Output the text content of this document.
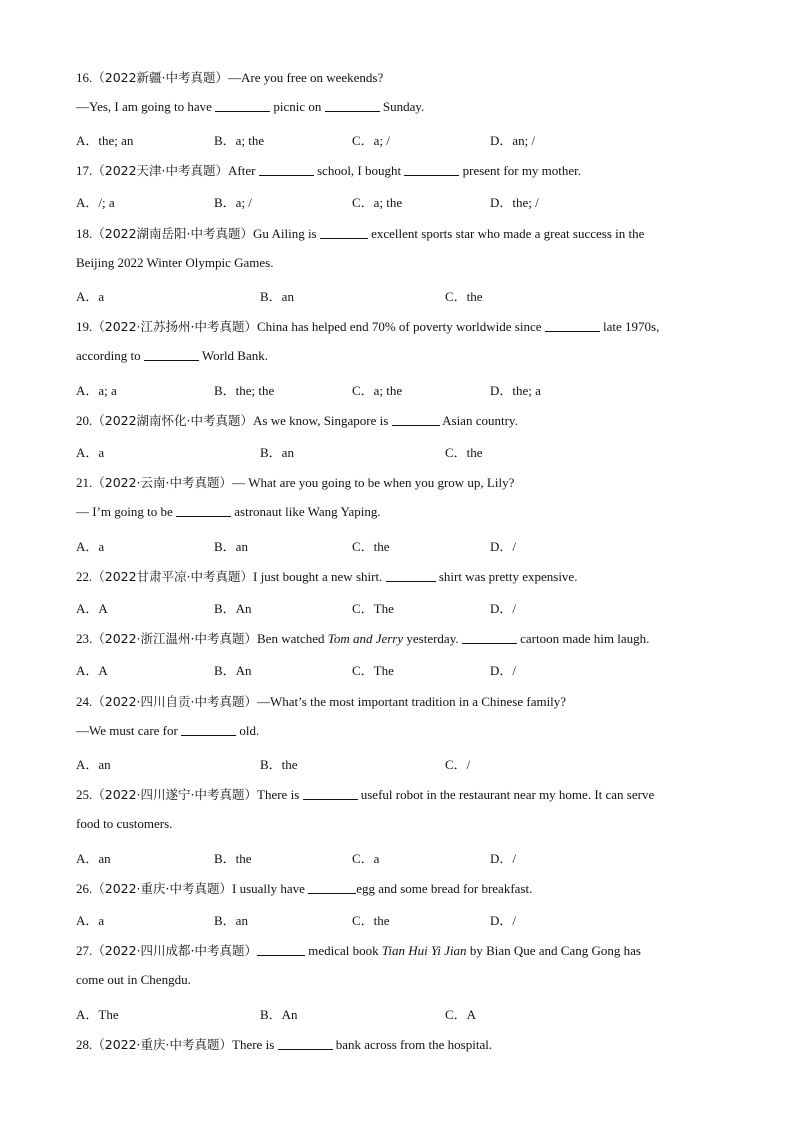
16.（2022新疆·中考真题）—Are you free on weekends?
—Yes, I am going to have	picnic on	Sunday.
A．the; an	B．a; the	C．a; /	D．an; /
17.（2022天津·中考真题）After	school, I bought	present for my mother.
A．/; a	B．a; /	C．a; the	D．the; /
18.（2022湖南岳阳·中考真题）Gu Ailing is	excellent sports star who made a great success in the
Beijing 2022 Winter Olympic Games.
A．a	B．an	C．the
19.（2022·江苏扬州·中考真题）China has helped end 70% of poverty worldwide since	late 1970s,
according to	World Bank.
A．a; a	B．the; the	C．a; the	D．the; a
20.（2022湖南怀化·中考真题）As we know, Singapore is	Asian country.
A．a	B．an	C．the
21.（2022·云南·中考真题）— What are you going to be when you grow up, Lily?
— I’m going to be	astronaut like Wang Yaping.
A．a	B．an	C．the	D．/
22.（2022甘肃平凉·中考真题）I just bought a new shirt.	shirt was pretty expensive.
A．A	B．An	C．The	D．/
23.（2022·浙江温州·中考真题）Ben watched Tom and Jerry yesterday.	cartoon made him laugh.
A．A	B．An	C．The	D．/
24.（2022·四川自贡·中考真题）—What’s the most important tradition in a Chinese family?
—We must care for	old.
A．an	B．the	C．/
25.（2022·四川遂宁·中考真题）There is	useful robot in the restaurant near my home. It can serve
food to customers.
A．an	B．the	C．a	D．/
26.（2022·重庆·中考真题）I usually have	egg and some bread for breakfast.
A．a	B．an	C．the	D．/
27.（2022·四川成都·中考真题）	medical book Tian Hui Yi Jian by Bian Que and Cang Gong has
come out in Chengdu.
A．The	B．An	C．A
28.（2022·重庆·中考真题）There is	bank across from the hospital.
